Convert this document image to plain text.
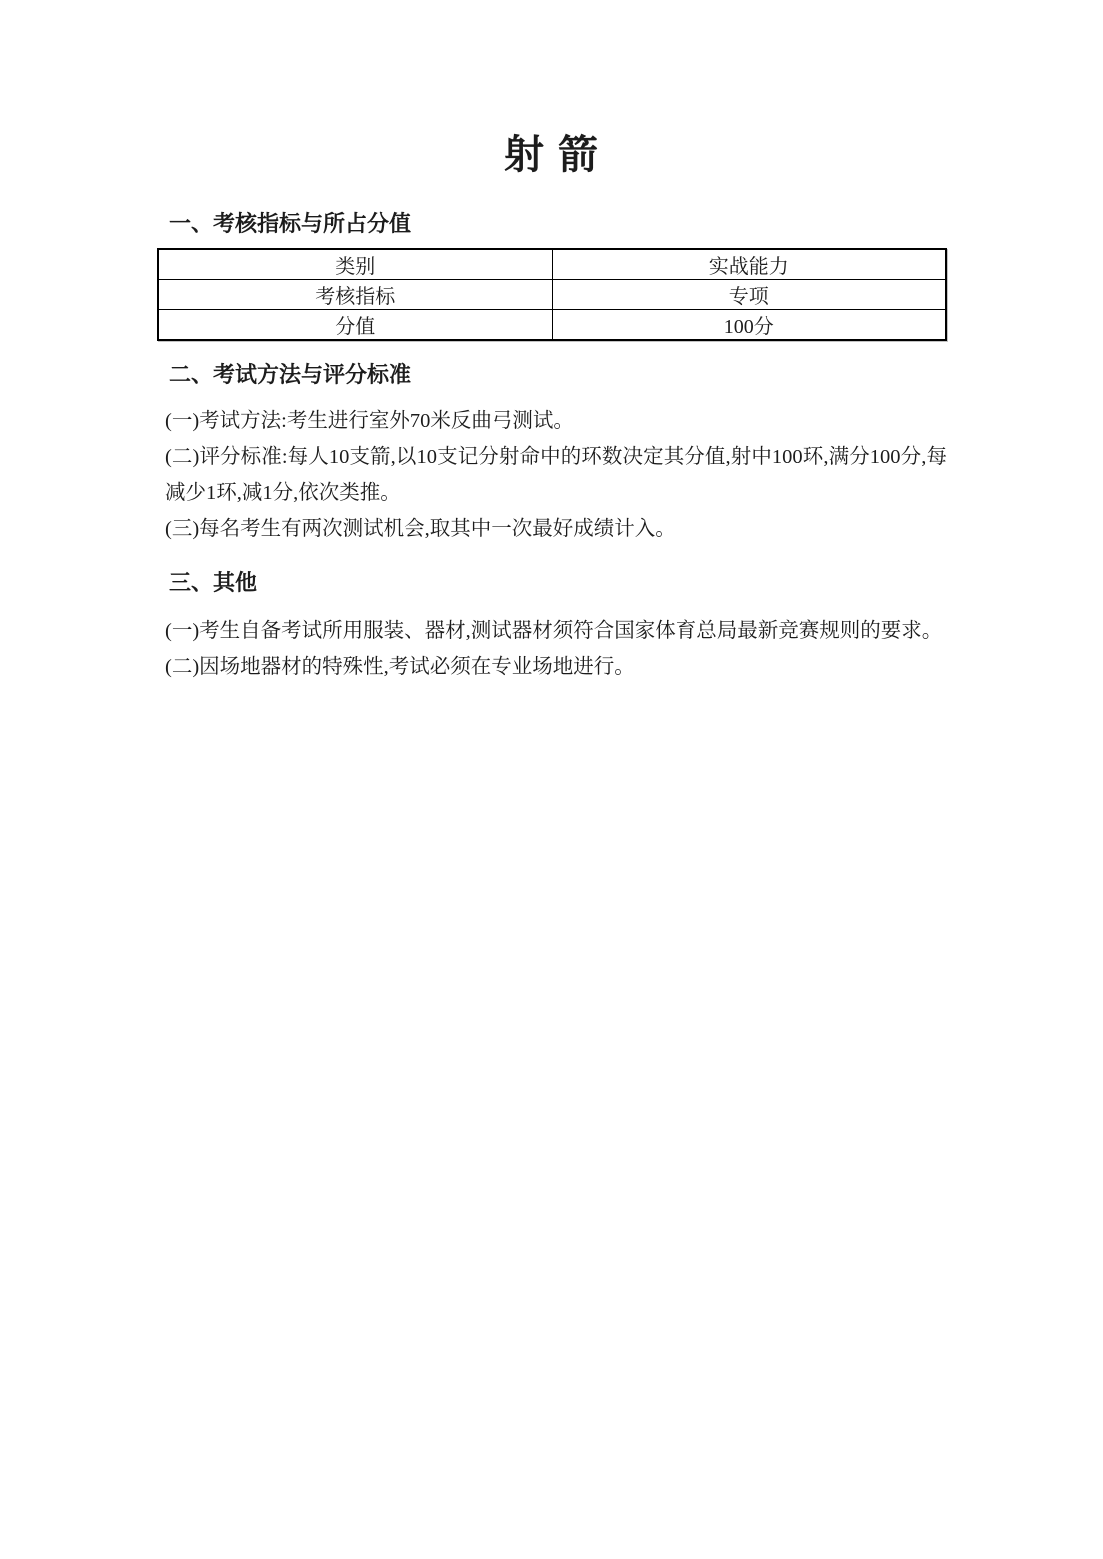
射 箭
一、考核指标与所占分值
类别	实战能力
考核指标	专项
分值	100分
二、考试方法与评分标准

(一)考试方法:考生进行室外70米反曲弓测试。

(二)评分标准:每人10支箭,以10支记分射命中的环数决定其分值,射中100环,满分100分,每减少1环,减1分,依次类推。

(三)每名考生有两次测试机会,取其中一次最好成绩计入。

三、其他

(一)考生自备考试所用服装、器材,测试器材须符合国家体育总局最新竞赛规则的要求。

(二)因场地器材的特殊性,考试必须在专业场地进行。
